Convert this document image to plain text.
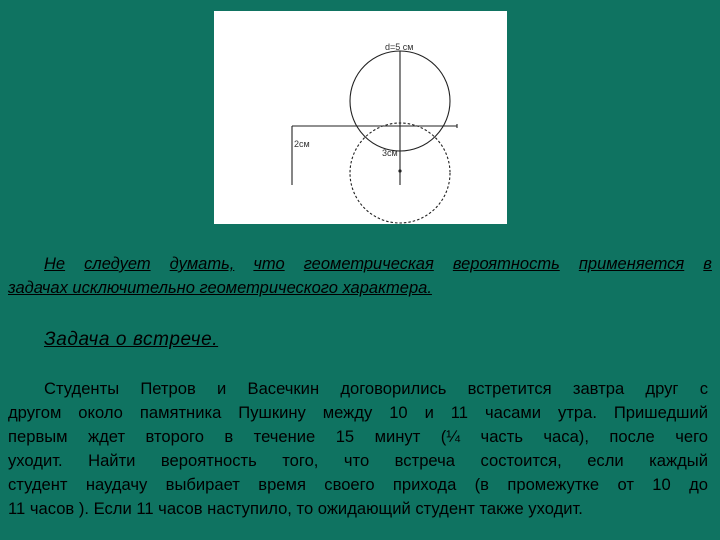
d=5 см
2см
3см
Не следует думать, что геометрическая вероятность применяется в
задачах исключительно геометрического характера.
Задача о встрече.
Студенты Петров и Васечкин договорились встретится завтра друг с
другом около памятника Пушкину между 10 и 11 часами утра. Пришедший
первым ждет второго в течение 15 минут (¼ часть часа), после чего
уходит. Найти вероятность того, что встреча состоится, если каждый
студент наудачу выбирает время своего прихода (в промежутке от 10 до
11 часов ). Если 11 часов наступило, то ожидающий студент также уходит.
